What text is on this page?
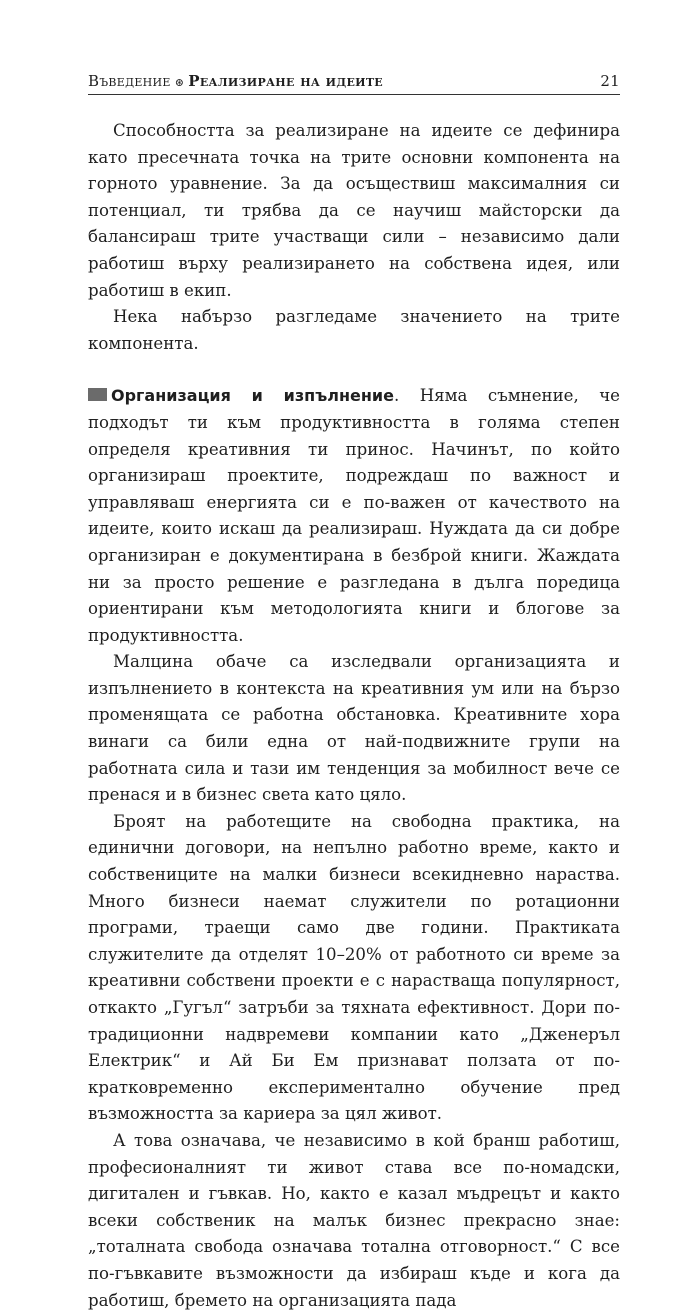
Въведение ⊛ Реализиране на идеите	21

Способността за реализиране на идеите се дефинира като пресечната точка на трите основни компонента на горното уравнение. За да осъществиш максималния си потенциал, ти трябва да се научиш майсторски да балансираш трите участващи сили – независимо дали работиш върху реализирането на собствена идея, или работиш в екип.

Нека набързо разгледаме значението на трите компонента.

Организация и изпълнение. Няма съмнение, че подходът ти към продуктивността в голяма степен определя креативния ти принос. Начинът, по който организираш проектите, подреждаш по важност и управляваш енергията си е по-важен от качеството на идеите, които искаш да реализираш. Нуждата да си добре организиран е документирана в безброй книги. Жаждата ни за просто решение е разгледана в дълга поредица ориентирани към методологията книги и блогове за продуктивността.

Малцина обаче са изследвали организацията и изпълнението в контекста на креативния ум или на бързо променящата се работна обстановка. Креативните хора винаги са били една от най-подвижните групи на работната сила и тази им тенденция за мобилност вече се пренася и в бизнес света като цяло.

Броят на работещите на свободна практика, на единични договори, на непълно работно време, както и собствениците на малки бизнеси всекидневно нараства. Много бизнеси наемат служители по ротационни програми, траещи само две години. Практиката служителите да отделят 10–20% от работното си време за креативни собствени проекти е с нарастваща популярност, откакто „Гугъл“ затръби за тяхната ефективност. Дори по-традиционни надвремеви компании като „Дженеръл Електрик“ и Ай Би Ем признават ползата от по-кратковременно експериментално обучение пред възможността за кариера за цял живот.

А това означава, че независимо в кой бранш работиш, професионалният ти живот става все по-номадски, дигитален и гъвкав. Но, както е казал мъдрецът и както всеки собственик на малък бизнес прекрасно знае: „тоталната свобода означава тотална отговорност.“ С все по-гъвкавите възможности да избираш къде и кога да работиш, бремето на организацията пада
